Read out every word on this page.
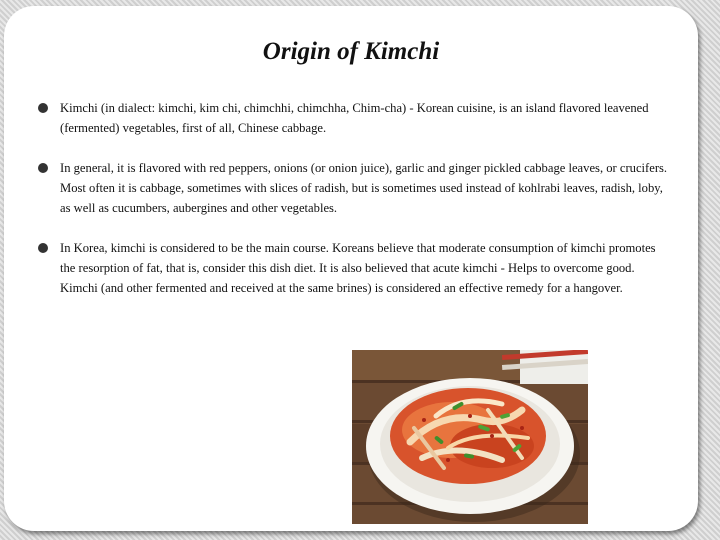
Origin of Kimchi
Kimchi (in dialect: kimchi, kim chi, chimchhi, chimchha, Chim-cha) - Korean cuisine, is an island flavored leavened (fermented) vegetables, first of all, Chinese cabbage.
In general, it is flavored with red peppers, onions (or onion juice), garlic and ginger pickled cabbage leaves, or crucifers. Most often it is cabbage, sometimes with slices of radish, but is sometimes used instead of kohlrabi leaves, radish, loby, as well as cucumbers, aubergines and other vegetables.
In Korea, kimchi is considered to be the main course. Koreans believe that moderate consumption of kimchi promotes the resorption of fat, that is, consider this dish diet. It is also believed that acute kimchi - Helps to overcome good. Kimchi (and other fermented and received at the same brines) is considered an effective remedy for a hangover.
